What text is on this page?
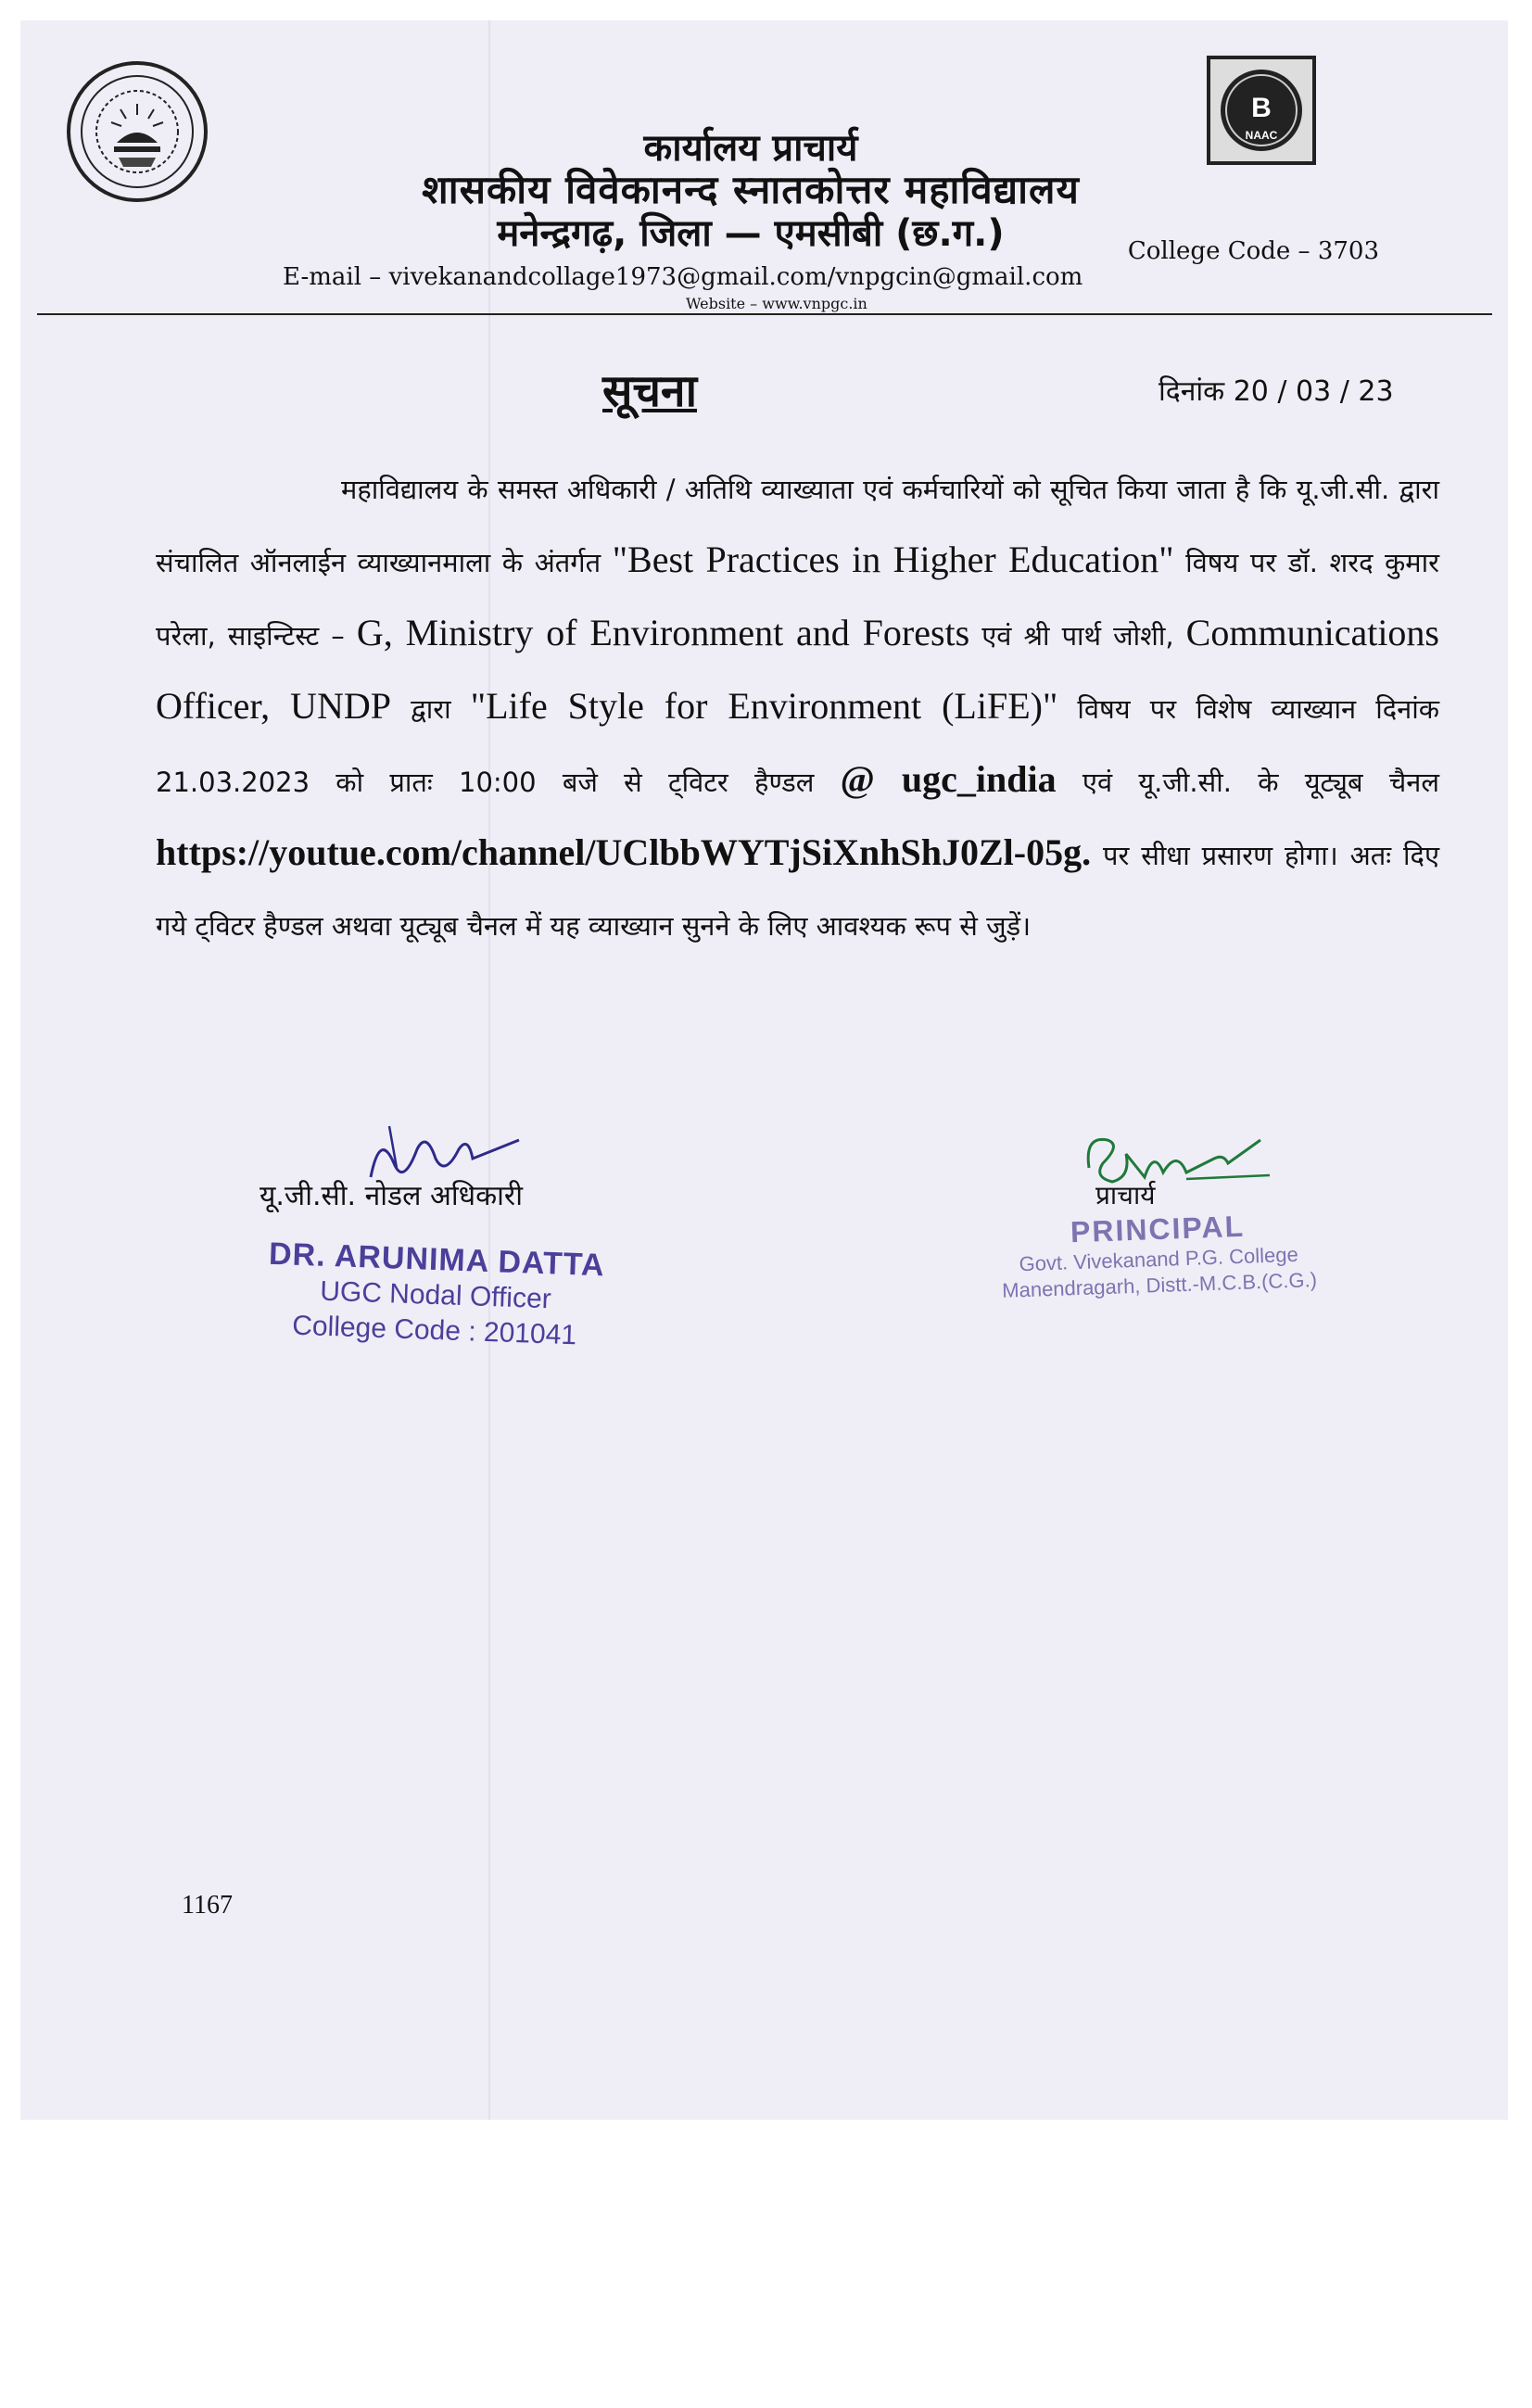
B
NAAC
कार्यालय प्राचार्य
शासकीय विवेकानन्द स्नातकोत्तर महाविद्यालय
मनेन्द्रगढ़, जिला — एमसीबी (छ.ग.)	College Code – 3703
E-mail – vivekanandcollage1973@gmail.com/vnpgcin@gmail.com
Website – www.vnpgc.in
सूचना	दिनांक 20 / 03 / 23
महाविद्यालय के समस्त अधिकारी / अतिथि व्याख्याता एवं कर्मचारियों को सूचित किया जाता है कि यू.जी.सी. द्वारा संचालित ऑनलाईन व्याख्यानमाला के अंतर्गत "Best Practices in Higher Education" विषय पर डॉ. शरद कुमार परेला, साइन्टिस्ट – G, Ministry of Environment and Forests एवं श्री पार्थ जोशी, Communications Officer, UNDP द्वारा "Life Style for Environment (LiFE)" विषय पर विशेष व्याख्यान दिनांक 21.03.2023 को प्रातः 10:00 बजे से ट्विटर हैण्डल @ ugc_india एवं यू.जी.सी. के यूट्यूब चैनल https://youtue.com/channel/UClbbWYTjSiXnhShJ0Zl-05g. पर सीधा प्रसारण होगा। अतः दिए गये ट्विटर हैण्डल अथवा यूट्यूब चैनल में यह व्याख्यान सुनने के लिए आवश्यक रूप से जुड़ें।
यू.जी.सी. नोडल अधिकारी
DR. ARUNIMA DATTA
UGC Nodal Officer
College Code : 201041
प्राचार्य
PRINCIPAL
Govt. Vivekanand P.G. College
Manendragarh, Distt.-M.C.B.(C.G.)
1167
